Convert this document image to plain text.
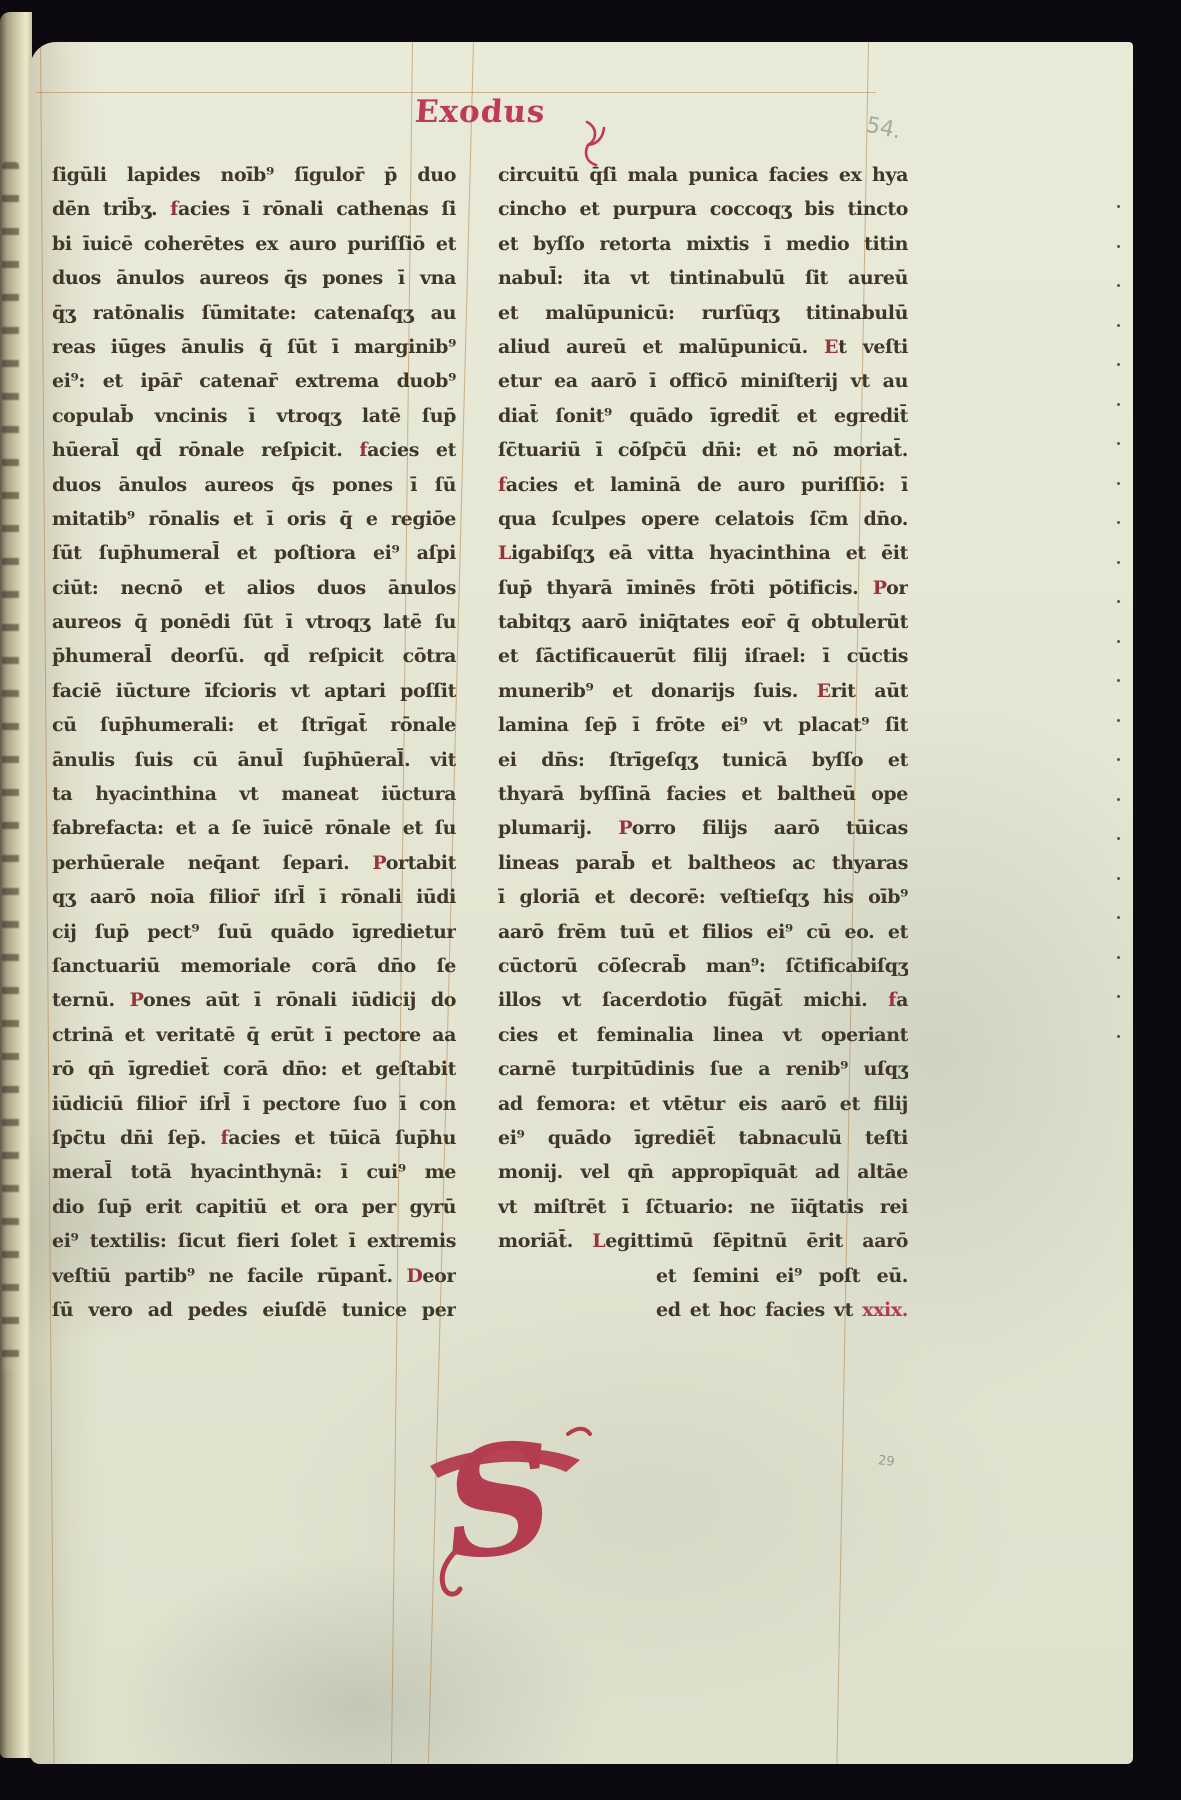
Exodus	54.
ſigūli lapides noīb⁹ ſīgulor̄ p̄ duo
dēn trib̄ʒ. facies ī rōnali cathenas ſi
bi īuicē coherētes ex auro puriſſiō et
duos ānulos aureos q̄s pones ī vna
q̄ʒ ratōnalis ſūmitate: catenaſqʒ au
reas iūges ānulis q̄ ſūt ī marginib⁹
ei⁹: et ipār̄ catenar̄ extrema duob⁹
copulab̄ vncinis ī vtroqʒ latē ſup̄
hūeral̄ qd̄ rōnale reſpicit. facies et
duos ānulos aureos q̄s pones ī ſū
mitatib⁹ rōnalis et ī oris q̄ e regiōe
ſūt ſup̄humeral̄ et poſtiora ei⁹ aſpi
ciūt: necnō et alios duos ānulos
aureos q̄ ponēdi ſūt ī vtroqʒ latē ſu
p̄humeral̄ deorſū. qd̄ reſpicit cōtra
faciē iūcture īfcioris vt aptari poſſit
cū ſup̄humerali: et ſtrīgat̄ rōnale
ānulis ſuis cū ānul̄ ſup̄hūeral̄. vit
ta hyacinthina vt maneat iūctura
fabrefacta: et a ſe īuicē rōnale et ſu
perhūerale neq̄ant ſepari. Portabit
qʒ aarō noīa filior̄ iſrl̄ ī rōnali iūdi
cij ſup̄ pect⁹ ſuū quādo īgredietur
ſanctuariū memoriale corā dn̄o ſe
ternū. Pones aūt ī rōnali iūdicij do
ctrinā et veritatē q̄ erūt ī pectore aa
rō qn̄ īgrediet̄ corā dn̄o: et geſtabit
iūdiciū filior̄ iſrl̄ ī pectore ſuo ī con
ſpc̄tu dn̄i ſep̄. facies et tūicā ſup̄hu
meral̄ totā hyacinthynā: ī cui⁹ me
dio ſup̄ erit capitiū et ora per gyrū
ei⁹ textilis: ſicut fieri ſolet ī extremis
veſtiū partib⁹ ne facile rūpant̄. Deor
ſū vero ad pedes eiuſdē tunice per
circuitū q̄ſi mala punica facies ex hya
cincho et purpura coccoqʒ bis tincto
et byſſo retorta mixtis ī medio titin
nabul̄: ita vt tintinabulū ſit aureū
et malūpunicū: rurſūqʒ titinabulū
aliud aureū et malūpunicū. Et veſti
etur ea aarō ī officō miniſterij vt au
diat̄ ſonit⁹ quādo īgredit̄ et egredit̄
ſc̄tuariū ī cōſpc̄ū dn̄i: et nō moriat̄.
facies et laminā de auro puriſſiō: ī
qua ſculpes opere celatois ſc̄m dn̄o.
Ligabiſqʒ eā vitta hyacinthina et ēit
ſup̄ thyarā īminēs frōti pōtificis. Por
tabitqʒ aarō iniq̄tates eor̄ q̄ obtulerūt
et ſāctificauerūt filij iſrael: ī cūctis
munerib⁹ et donarijs ſuis. Erit aūt
lamina ſep̄ ī frōte ei⁹ vt placat⁹ ſit
ei dn̄s: ſtrīgeſqʒ tunicā byſſo et
thyarā byſſinā facies et baltheū ope
plumarij. Porro filijs aarō tūicas
lineas parab̄ et baltheos ac thyaras
ī gloriā et decorē: veſtieſqʒ his oīb⁹
aarō frēm tuū et filios ei⁹ cū eo. et
cūctorū cōſecrab̄ man⁹: ſc̄tificabiſqʒ
illos vt ſacerdotio fūgāt̄ michi. fa
cies et feminalia linea vt operiant
carnē turpitūdinis ſue a renib⁹ uſqʒ
ad femora: et vtētur eis aarō et filij
ei⁹ quādo īgrediēt̄ tabnaculū teſti
monij. vel qn̄ appropīquāt ad altāe
vt miſtrēt ī ſc̄tuario: ne īiq̄tatis rei
moriāt̄. Legittimū ſēpitnū ērit aarō
et ſemini ei⁹ poſt eū.
ed et hoc facies vt xxix.
S	29
